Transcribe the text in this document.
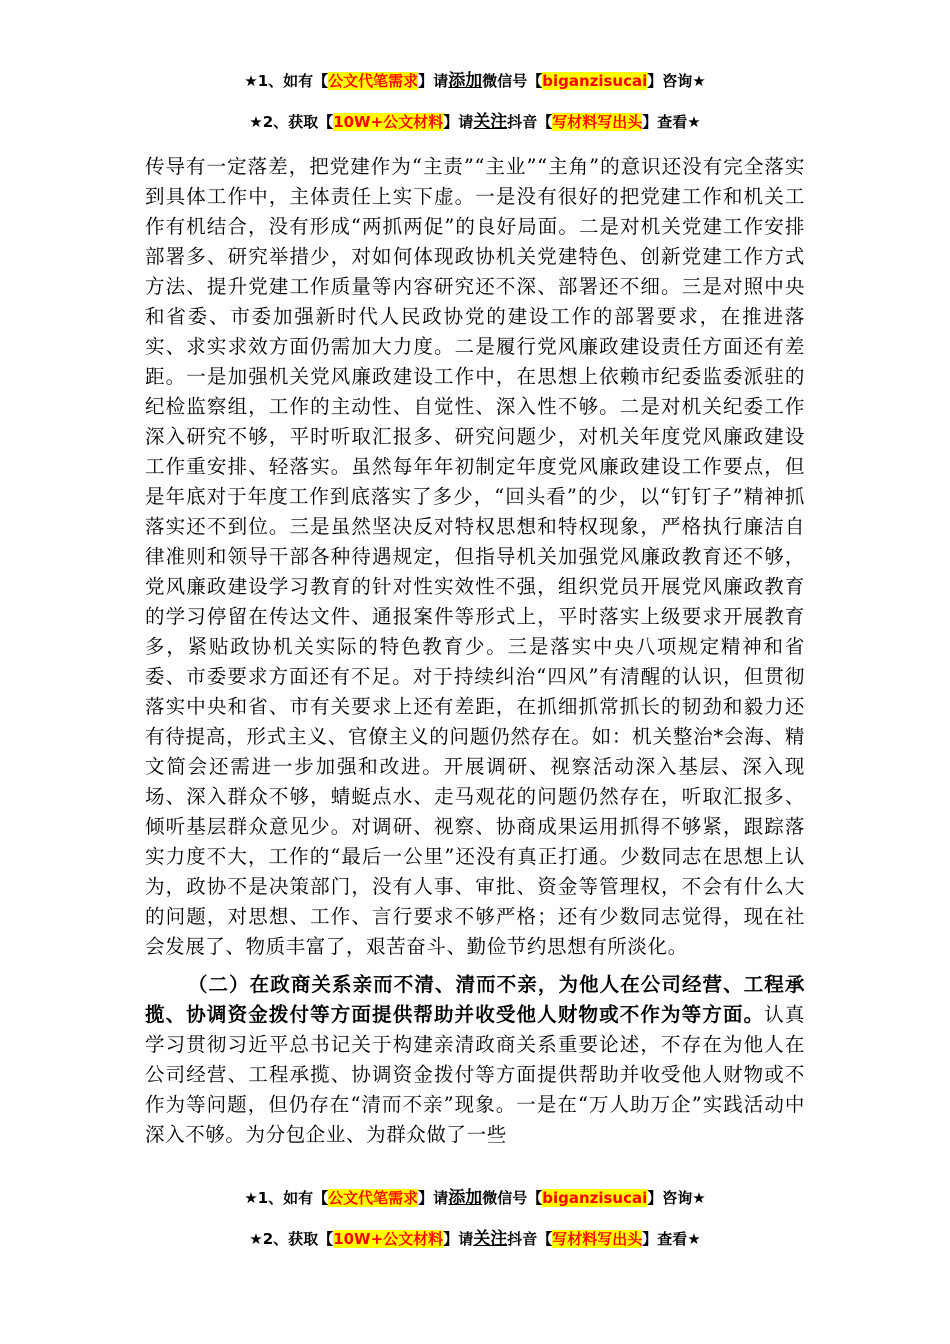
★1、如有【公文代笔需求】请添加微信号【biganzisucai】咨询★
★2、获取【10W+公文材料】请关注抖音【写材料写出头】查看★

传导有一定落差，把党建作为“主责”“主业”“主角”的意识还没有完全落实到具体工作中，主体责任上实下虚。一是没有很好的把党建工作和机关工作有机结合，没有形成“两抓两促”的良好局面。二是对机关党建工作安排部署多、研究举措少，对如何体现政协机关党建特色、创新党建工作方式方法、提升党建工作质量等内容研究还不深、部署还不细。三是对照中央和省委、市委加强新时代人民政协党的建设工作的部署要求，在推进落实、求实求效方面仍需加大力度。二是履行党风廉政建设责任方面还有差距。一是加强机关党风廉政建设工作中，在思想上依赖市纪委监委派驻的纪检监察组，工作的主动性、自觉性、深入性不够。二是对机关纪委工作深入研究不够，平时听取汇报多、研究问题少，对机关年度党风廉政建设工作重安排、轻落实。虽然每年年初制定年度党风廉政建设工作要点，但是年底对于年度工作到底落实了多少，“回头看”的少，以“钉钉子”精神抓落实还不到位。三是虽然坚决反对特权思想和特权现象，严格执行廉洁自律准则和领导干部各种待遇规定，但指导机关加强党风廉政教育还不够，党风廉政建设学习教育的针对性实效性不强，组织党员开展党风廉政教育的学习停留在传达文件、通报案件等形式上，平时落实上级要求开展教育多，紧贴政协机关实际的特色教育少。三是落实中央八项规定精神和省委、市委要求方面还有不足。对于持续纠治“四风”有清醒的认识，但贯彻落实中央和省、市有关要求上还有差距，在抓细抓常抓长的韧劲和毅力还有待提高，形式主义、官僚主义的问题仍然存在。如：机关整治*会海、精文简会还需进一步加强和改进。开展调研、视察活动深入基层、深入现场、深入群众不够，蜻蜓点水、走马观花的问题仍然存在，听取汇报多、倾听基层群众意见少。对调研、视察、协商成果运用抓得不够紧，跟踪落实力度不大，工作的“最后一公里”还没有真正打通。少数同志在思想上认为，政协不是决策部门，没有人事、审批、资金等管理权，不会有什么大的问题，对思想、工作、言行要求不够严格；还有少数同志觉得，现在社会发展了、物质丰富了，艰苦奋斗、勤俭节约思想有所淡化。

（二）在政商关系亲而不清、清而不亲，为他人在公司经营、工程承揽、协调资金拨付等方面提供帮助并收受他人财物或不作为等方面。认真学习贯彻习近平总书记关于构建亲清政商关系重要论述，不存在为他人在公司经营、工程承揽、协调资金拨付等方面提供帮助并收受他人财物或不作为等问题，但仍存在“清而不亲”现象。一是在“万人助万企”实践活动中深入不够。为分包企业、为群众做了一些

★1、如有【公文代笔需求】请添加微信号【biganzisucai】咨询★
★2、获取【10W+公文材料】请关注抖音【写材料写出头】查看★
